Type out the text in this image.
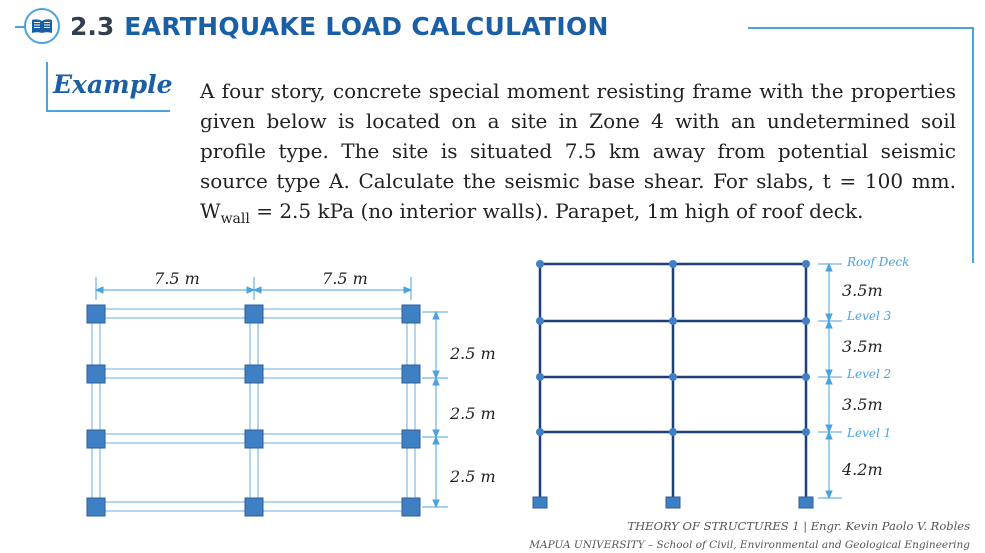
2.3 EARTHQUAKE LOAD CALCULATION
Example A four story, concrete special moment resisting frame with the properties given below is located on a site in Zone 4 with an undetermined soil profile type. The site is situated 7.5 km away from potential seismic source type A. Calculate the seismic base shear. For slabs, t = 100 mm. $W_{wall} = 2.5$ kPa (no interior walls). Parapet, 1m high of roof deck.
7.5 m	7.5 m
2.5 m
2.5 m
2.5 m
Roof Deck
Level 3
Level 2
Level 1
3.5m
3.5m
3.5m
4.2m
THEORY OF STRUCTURES 1 | Engr. Kevin Paolo V. Robles
MAPUA UNIVERSITY – School of Civil, Environmental and Geological Engineering
